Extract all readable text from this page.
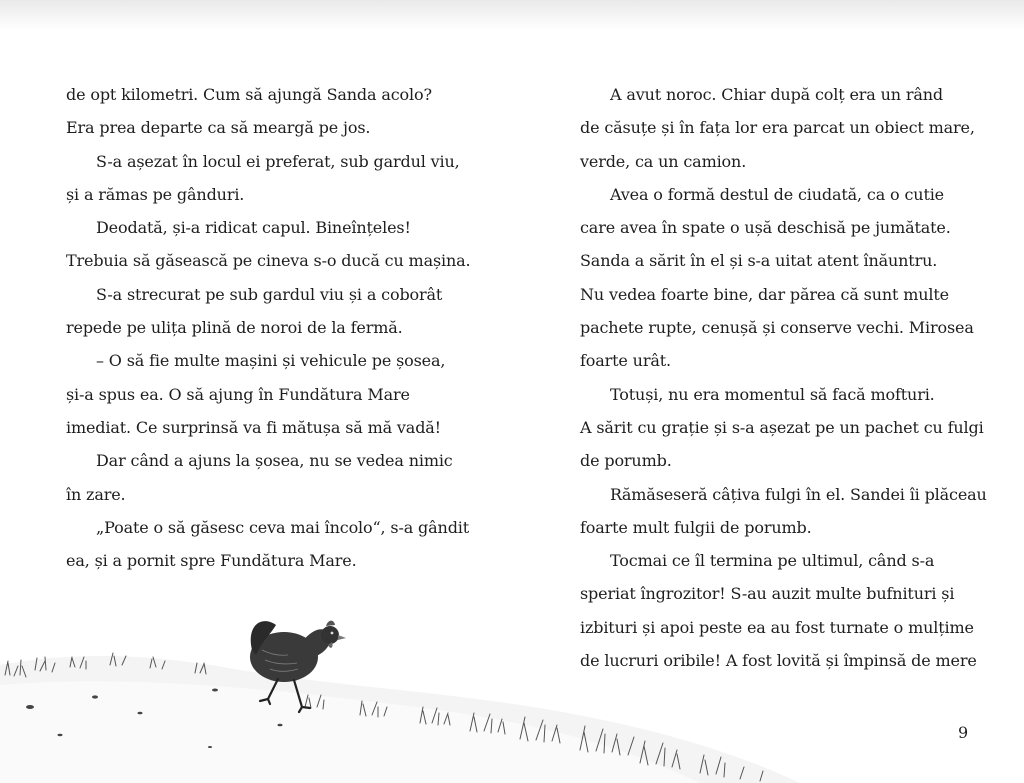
de opt kilometri. Cum să ajungă Sanda acolo?
Era prea departe ca să meargă pe jos.
S-a așezat în locul ei preferat, sub gardul viu,
și a rămas pe gânduri.
Deodată, și-a ridicat capul. Bineînțeles!
Trebuia să găsească pe cineva s-o ducă cu mașina.
S-a strecurat pe sub gardul viu și a coborât
repede pe ulița plină de noroi de la fermă.
– O să fie multe mașini și vehicule pe șosea,
și-a spus ea. O să ajung în Fundătura Mare
imediat. Ce surprinsă va fi mătușa să mă vadă!
Dar când a ajuns la șosea, nu se vedea nimic
în zare.
„Poate o să găsesc ceva mai încolo“, s-a gândit
ea, și a pornit spre Fundătura Mare.
A avut noroc. Chiar după colț era un rând
de căsuțe și în fața lor era parcat un obiect mare,
verde, ca un camion.
Avea o formă destul de ciudată, ca o cutie
care avea în spate o ușă deschisă pe jumătate.
Sanda a sărit în el și s-a uitat atent înăuntru.
Nu vedea foarte bine, dar părea că sunt multe
pachete rupte, cenușă și conserve vechi. Mirosea
foarte urât.
Totuși, nu era momentul să facă mofturi.
A sărit cu grație și s-a așezat pe un pachet cu fulgi
de porumb.
Rămăseseră câțiva fulgi în el. Sandei îi plăceau
foarte mult fulgii de porumb.
Tocmai ce îl termina pe ultimul, când s-a
speriat îngrozitor! S-au auzit multe bufnituri și
izbituri și apoi peste ea au fost turnate o mulțime
de lucruri oribile! A fost lovită și împinsă de mere
9
